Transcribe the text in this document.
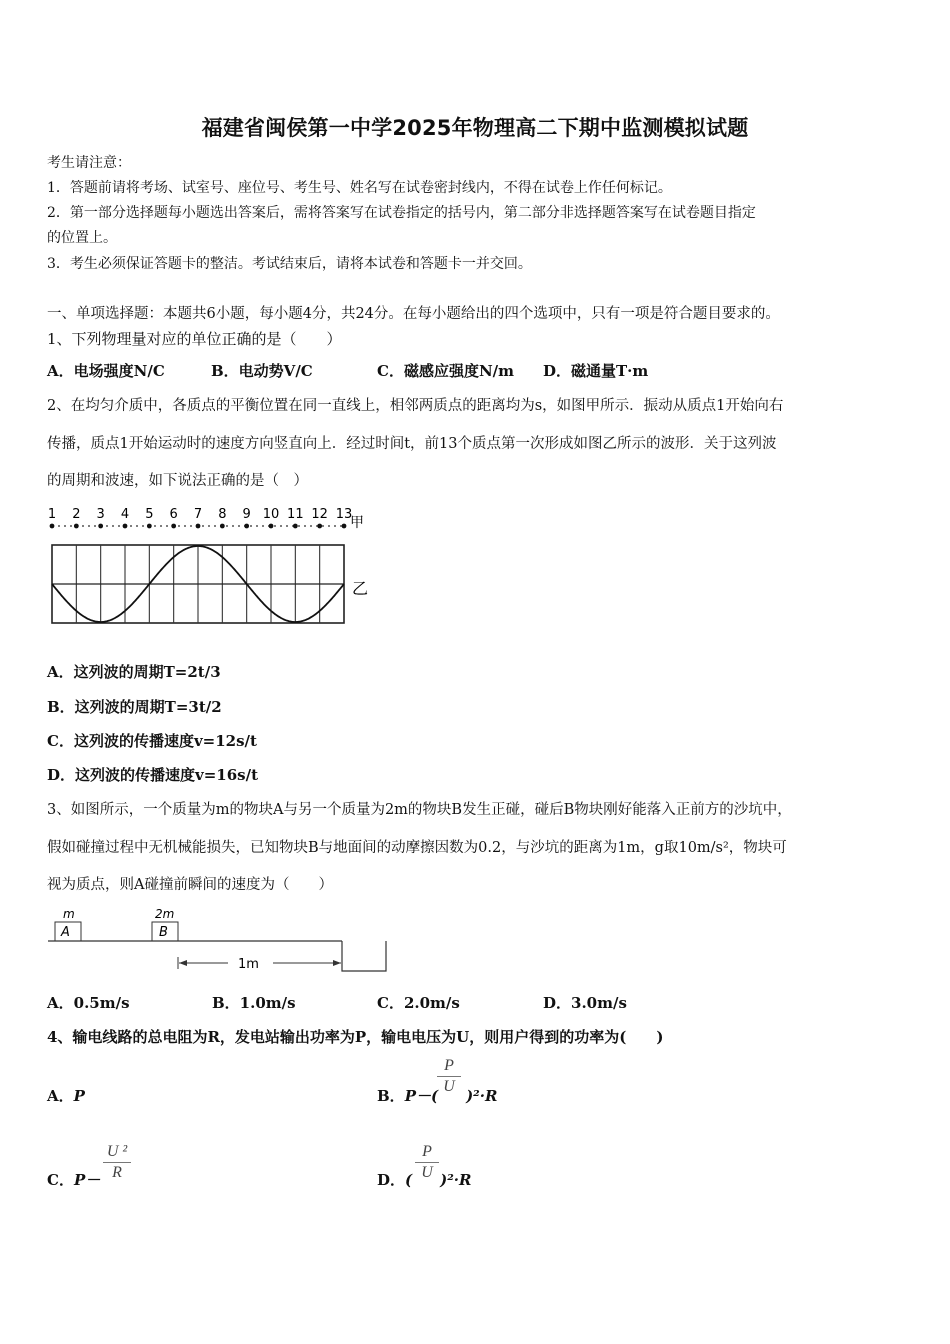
福建省闽侯第一中学2025年物理高二下期中监测模拟试题
考生请注意：
1．答题前请将考场、试室号、座位号、考生号、姓名写在试卷密封线内，不得在试卷上作任何标记。
2．第一部分选择题每小题选出答案后，需将答案写在试卷指定的括号内，第二部分非选择题答案写在试卷题目指定
的位置上。
3．考生必须保证答题卡的整洁。考试结束后，请将本试卷和答题卡一并交回。
一、单项选择题：本题共6小题，每小题4分，共24分。在每小题给出的四个选项中，只有一项是符合题目要求的。
1、下列物理量对应的单位正确的是（　　）
A．电场强度N/C	B．电动势V/C	C．磁感应强度N/m D．磁通量T·m
2、在均匀介质中，各质点的平衡位置在同一直线上，相邻两质点的距离均为s，如图甲所示．振动从质点1开始向右
传播，质点1开始运动时的速度方向竖直向上．经过时间t，前13个质点第一次形成如图乙所示的波形．关于这列波
的周期和波速，如下说法正确的是（　）
1 2 3 4 5 6 7 8 9 10 11 12 13
甲
乙
A．这列波的周期T=2t/3
B．这列波的周期T=3t/2
C．这列波的传播速度v=12s/t
D．这列波的传播速度v=16s/t
3、如图所示，一个质量为m的物块A与另一个质量为2m的物块B发生正碰，碰后B物块刚好能落入正前方的沙坑中，
假如碰撞过程中无机械能损失，已知物块B与地面间的动摩擦因数为0.2，与沙坑的距离为1m，g取10m/s²，物块可
视为质点，则A碰撞前瞬间的速度为（　　）
m
A
2m
B
1m
A．0.5m/s	B．1.0m/s	C．2.0m/s	D．3.0m/s
4、输电线路的总电阻为R，发电站输出功率为P，输电电压为U，则用户得到的功率为(　　)
A．P	B．P－( )²·R
P
U
C．P－
U ²
R	D．( )²·R
P
U
